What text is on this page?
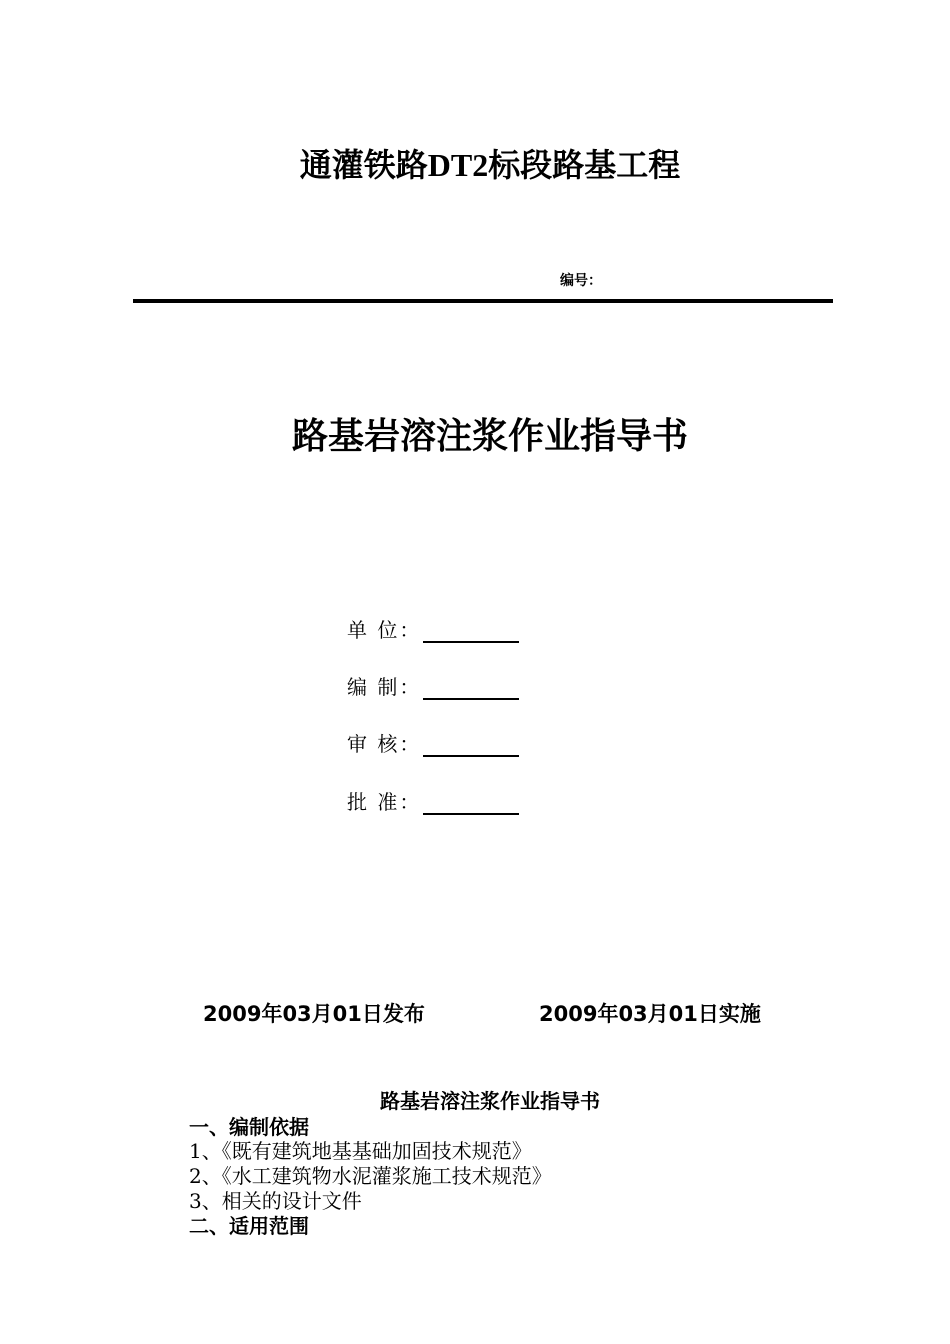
通灌铁路DT2标段路基工程
编号：
路基岩溶注浆作业指导书
单 位：
编 制：
审 核：
批 准：
2009年03月01日发布	2009年03月01日实施
路基岩溶注浆作业指导书
一、编制依据
1、《既有建筑地基基础加固技术规范》
2、《水工建筑物水泥灌浆施工技术规范》
3、相关的设计文件
二、适用范围
